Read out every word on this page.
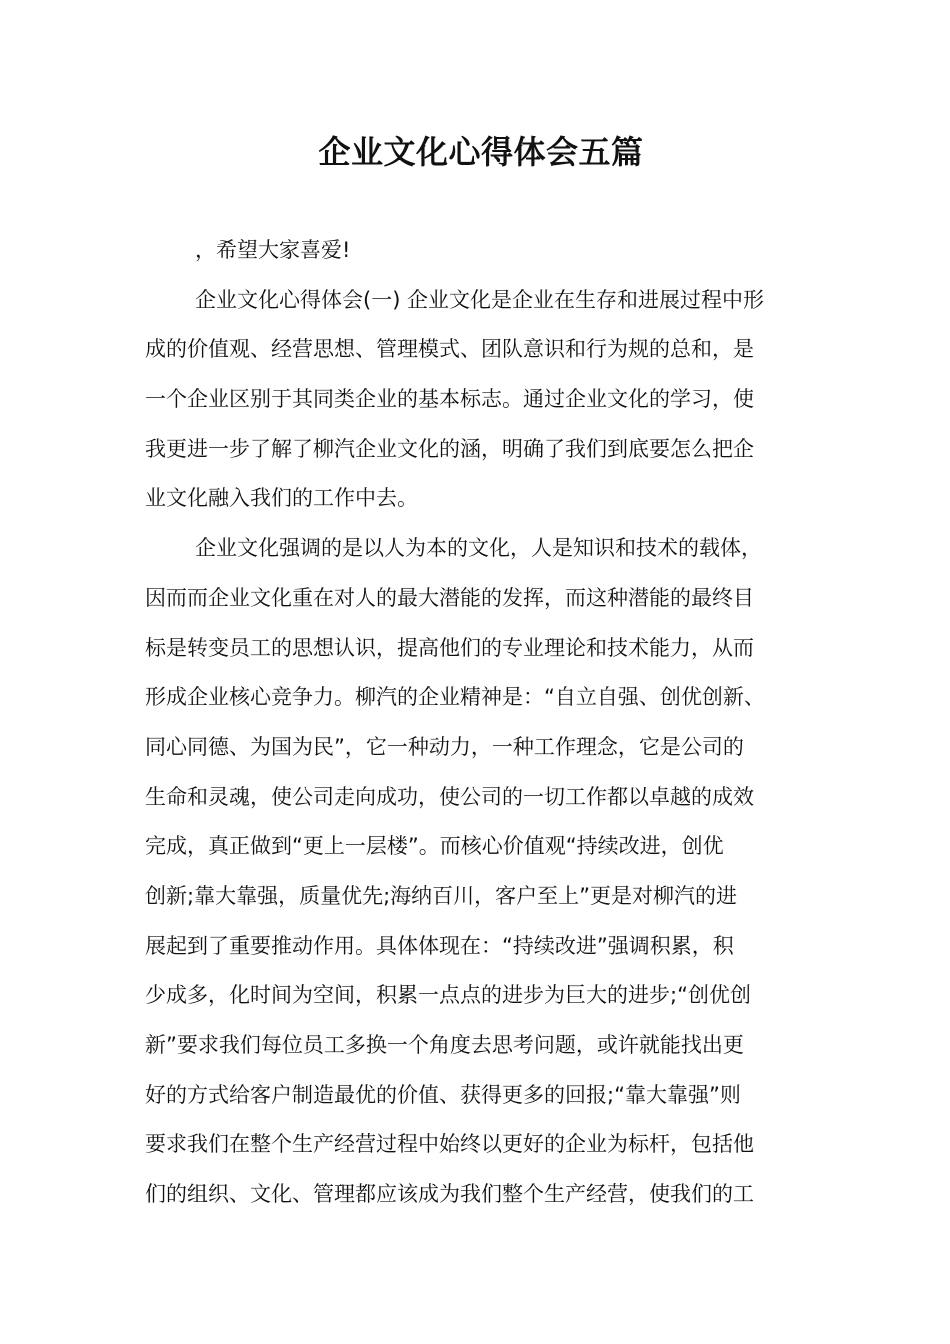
企业文化心得体会五篇

，希望大家喜爱!

企业文化心得体会(一) 企业文化是企业在生存和进展过程中形

成的价值观、经营思想、管理模式、团队意识和行为规的总和，是

一个企业区别于其同类企业的基本标志。通过企业文化的学习，使

我更进一步了解了柳汽企业文化的涵，明确了我们到底要怎么把企

业文化融入我们的工作中去。

企业文化强调的是以人为本的文化，人是知识和技术的载体，

因而而企业文化重在对人的最大潜能的发挥，而这种潜能的最终目

标是转变员工的思想认识，提高他们的专业理论和技术能力，从而

形成企业核心竞争力。柳汽的企业精神是：“自立自强、创优创新、

同心同德、为国为民”，它一种动力，一种工作理念，它是公司的

生命和灵魂，使公司走向成功，使公司的一切工作都以卓越的成效

完成，真正做到“更上一层楼”。而核心价值观“持续改进，创优

创新;靠大靠强，质量优先;海纳百川，客户至上”更是对柳汽的进

展起到了重要推动作用。具体体现在：“持续改进”强调积累，积

少成多，化时间为空间，积累一点点的进步为巨大的进步;“创优创

新”要求我们每位员工多换一个角度去思考问题，或许就能找出更

好的方式给客户制造最优的价值、获得更多的回报;“靠大靠强”则

要求我们在整个生产经营过程中始终以更好的企业为标杆，包括他

们的组织、文化、管理都应该成为我们整个生产经营，使我们的工
